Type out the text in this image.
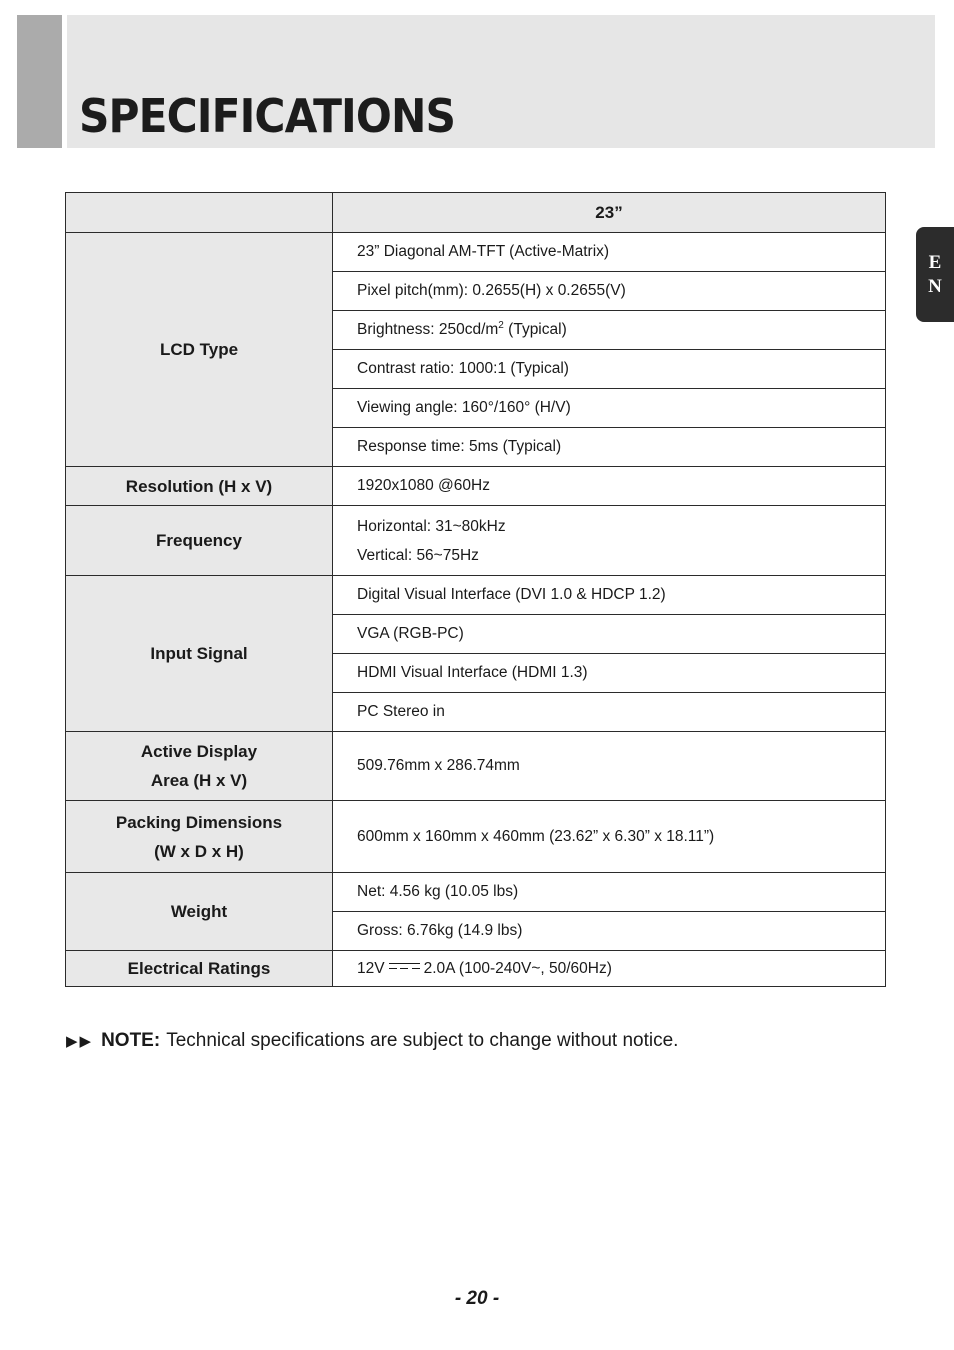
SPECIFICATIONS
E
N
	23”
LCD Type	23” Diagonal AM-TFT (Active-Matrix)
	Pixel pitch(mm): 0.2655(H) x 0.2655(V)
	Brightness: $250cd/m^2$ (Typical)
	Contrast ratio: 1000:1 (Typical)
	Viewing angle: 160°/160° (H/V)
	Response time: 5ms (Typical)
Resolution (H x V)	1920x1080 @60Hz
Frequency	Horizontal: 31~80kHz
Vertical: 56~75Hz

Input Signal	Digital Visual Interface (DVI 1.0 & HDCP 1.2)
	VGA (RGB-PC)
	HDMI Visual Interface (HDMI 1.3)
	PC Stereo in

Active Display
Area (H x V)	509.76mm x 286.74mm

Packing Dimensions
(W x D x H)	600mm x 160mm x 460mm (23.62” x 6.30” x 18.11”)
Weight	Net: 4.56 kg (10.05 lbs)
	Gross: 6.76kg (14.9 lbs)
Electrical Ratings	12V 2.0A (100-240V~, 50/60Hz)
▶▶ NOTE: Technical specifications are subject to change without notice.
- 20 -
